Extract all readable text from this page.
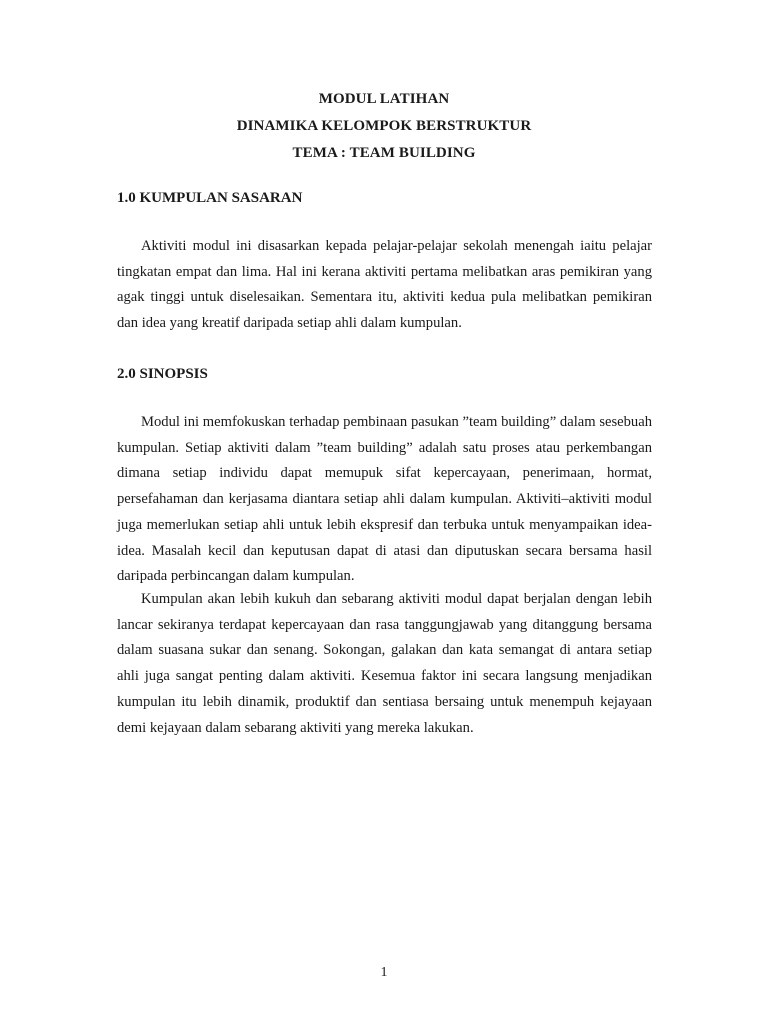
MODUL LATIHAN
DINAMIKA KELOMPOK BERSTRUKTUR
TEMA : TEAM BUILDING
1.0 KUMPULAN SASARAN

Aktiviti modul ini disasarkan kepada pelajar-pelajar sekolah menengah iaitu pelajar tingkatan empat dan lima. Hal ini kerana aktiviti pertama melibatkan aras pemikiran yang agak tinggi untuk diselesaikan. Sementara itu, aktiviti kedua pula melibatkan pemikiran dan idea yang kreatif daripada setiap ahli dalam kumpulan.

2.0 SINOPSIS

Modul ini memfokuskan terhadap pembinaan pasukan ”team building” dalam sesebuah kumpulan. Setiap aktiviti dalam ”team building” adalah satu proses atau perkembangan dimana setiap individu dapat memupuk sifat kepercayaan, penerimaan, hormat, persefahaman dan kerjasama diantara setiap ahli dalam kumpulan. Aktiviti–aktiviti modul juga memerlukan setiap ahli untuk lebih ekspresif dan terbuka untuk menyampaikan idea-idea. Masalah kecil dan keputusan dapat di atasi dan diputuskan secara bersama hasil daripada perbincangan dalam kumpulan.

Kumpulan akan lebih kukuh dan sebarang aktiviti modul dapat berjalan dengan lebih lancar sekiranya terdapat kepercayaan dan rasa tanggungjawab yang ditanggung bersama dalam suasana sukar dan senang. Sokongan, galakan dan kata semangat di antara setiap ahli juga sangat penting dalam aktiviti. Kesemua faktor ini secara langsung menjadikan kumpulan itu lebih dinamik, produktif dan sentiasa bersaing untuk menempuh kejayaan demi kejayaan dalam sebarang aktiviti yang mereka lakukan.

1
